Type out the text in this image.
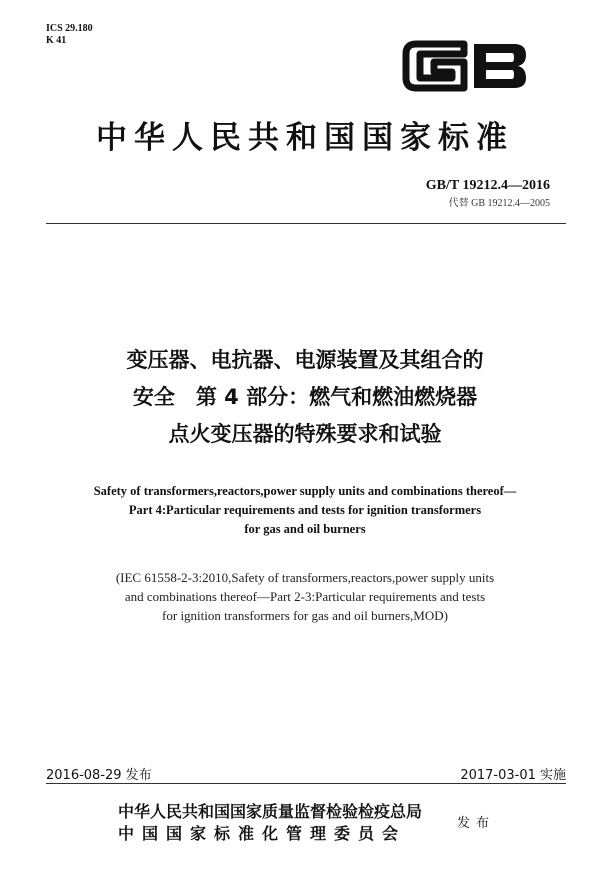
ICS 29.180
K 41
中华人民共和国国家标准
GB/T 19212.4—2016
代替 GB 19212.4—2005
变压器、电抗器、电源装置及其组合的
安全　第 4 部分：燃气和燃油燃烧器
点火变压器的特殊要求和试验
Safety of transformers,reactors,power supply units and combinations thereof—
Part 4:Particular requirements and tests for ignition transformers
for gas and oil burners
(IEC 61558-2-3:2010,Safety of transformers,reactors,power supply units
and combinations thereof—Part 2-3:Particular requirements and tests
for ignition transformers for gas and oil burners,MOD)
2016-08-29 发布	2017-03-01 实施
中华人民共和国国家质量监督检验检疫总局
中国国家标准化管理委员会
发布
